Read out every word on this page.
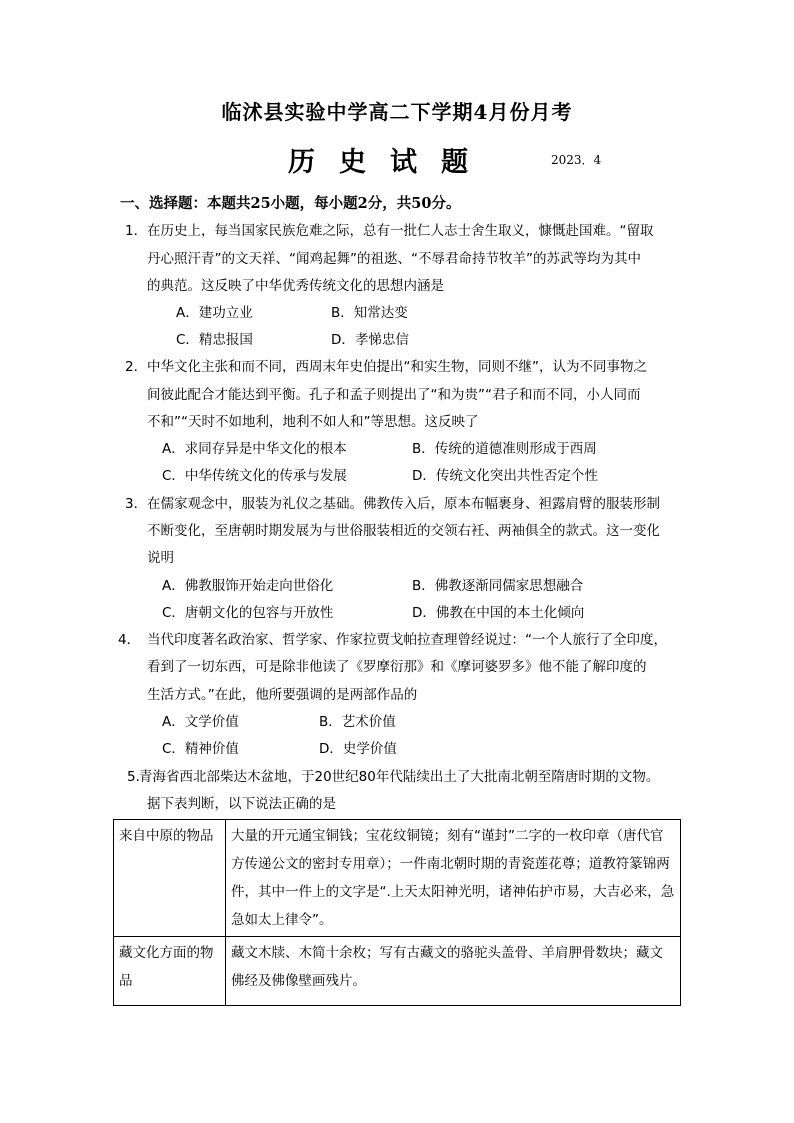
临沭县实验中学高二下学期4月份月考
历史试题	2023．4
一、选择题：本题共25小题，每小题2分，共50分。
1． 在历史上，每当国家民族危难之际，总有一批仁人志士舍生取义，慷慨赴国难。“留取
丹心照汗青”的文天祥、“闻鸡起舞”的祖逖、“不辱君命持节牧羊”的苏武等均为其中
的典范。这反映了中华优秀传统文化的思想内涵是
A．建功立业	B．知常达变
C．精忠报国	D．孝悌忠信
2． 中华文化主张和而不同，西周末年史伯提出“和实生物，同则不继”，认为不同事物之
间彼此配合才能达到平衡。孔子和孟子则提出了“和为贵”“君子和而不同，小人同而
不和”“天时不如地利，地利不如人和”等思想。这反映了
A．求同存异是中华文化的根本	B．传统的道德准则形成于西周
C．中华传统文化的传承与发展	D．传统文化突出共性否定个性
3． 在儒家观念中，服装为礼仪之基础。佛教传入后，原本布幅裹身、袒露肩臂的服装形制
不断变化，至唐朝时期发展为与世俗服装相近的交领右衽、两袖俱全的款式。这一变化
说明
A．佛教服饰开始走向世俗化	B．佛教逐渐同儒家思想融合
C．唐朝文化的包容与开放性	D．佛教在中国的本土化倾向
4． 当代印度著名政治家、哲学家、作家拉贾戈帕拉查理曾经说过：“一个人旅行了全印度，
看到了一切东西，可是除非他读了《罗摩衍那》和《摩诃婆罗多》他不能了解印度的
生活方式。”在此，他所要强调的是两部作品的
A．文学价值	B．艺术价值
C．精神价值	D．史学价值
5. 青海省西北部柴达木盆地，于20世纪80年代陆续出土了大批南北朝至隋唐时期的文物。
据下表判断，以下说法正确的是
来自中原的物品	大量的开元通宝铜钱；宝花纹铜镜；刻有“谨封”二字的一枚印章（唐代官方传递公文的密封专用章）；一件南北朝时期的青瓷莲花尊；道教符篆锦两件，其中一件上的文字是“.上天太阳神光明，诸神佑护市易，大吉必来，急急如太上律令”。
藏文化方面的物品	藏文木牍、木简十余枚；写有古藏文的骆驼头盖骨、羊肩胛骨数块；藏文佛经及佛像壁画残片。
